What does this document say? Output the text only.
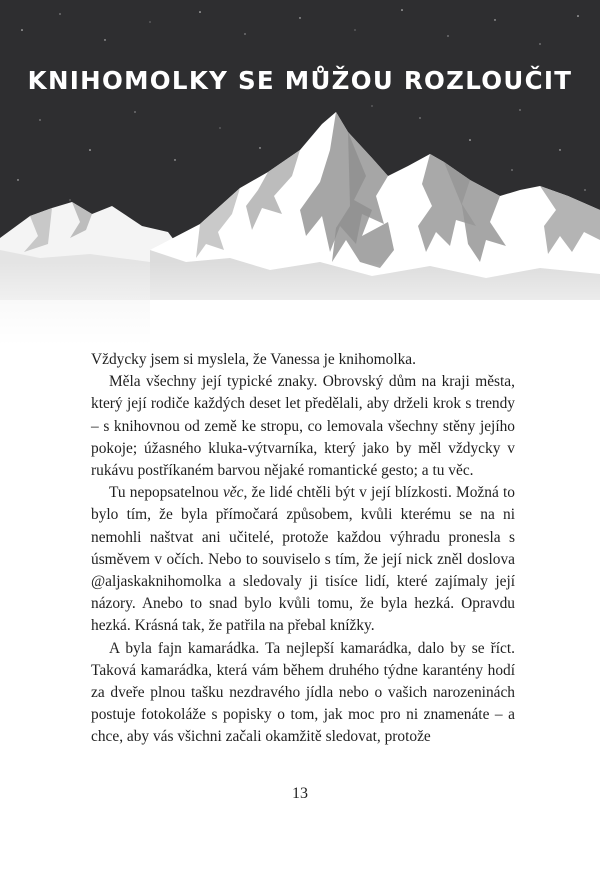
KNIHOMOLKY SE MŮŽOU ROZLOUČIT

Vždycky jsem si myslela, že Vanessa je knihomolka.

Měla všechny její typické znaky. Obrovský dům na kraji města, který její rodiče každých deset let předělali, aby drželi krok s trendy – s knihovnou od země ke stropu, co lemovala všechny stěny jejího pokoje; úžasného kluka-výtvarníka, který jako by měl vždycky v rukávu postříkaném barvou nějaké romantické gesto; a tu věc.

Tu nepopsatelnou věc, že lidé chtěli být v její blízkosti. Možná to bylo tím, že byla přímočará způsobem, kvůli kterému se na ni nemohli naštvat ani učitelé, protože každou výhradu pronesla s úsměvem v očích. Nebo to souviselo s tím, že její nick zněl doslova @aljaskaknihomolka a sledovaly ji tisíce lidí, které zajímaly její názory. Anebo to snad bylo kvůli tomu, že byla hezká. Opravdu hezká. Krásná tak, že patřila na přebal knížky.

A byla fajn kamarádka. Ta nejlepší kamarádka, dalo by se říct. Taková kamarádka, která vám během druhého týdne karantény hodí za dveře plnou tašku nezdravého jídla nebo o vašich narozeninách postuje fotokoláže s popisky o tom, jak moc pro ni znamenáte – a chce, aby vás všichni začali okamžitě sledovat, protože

13
